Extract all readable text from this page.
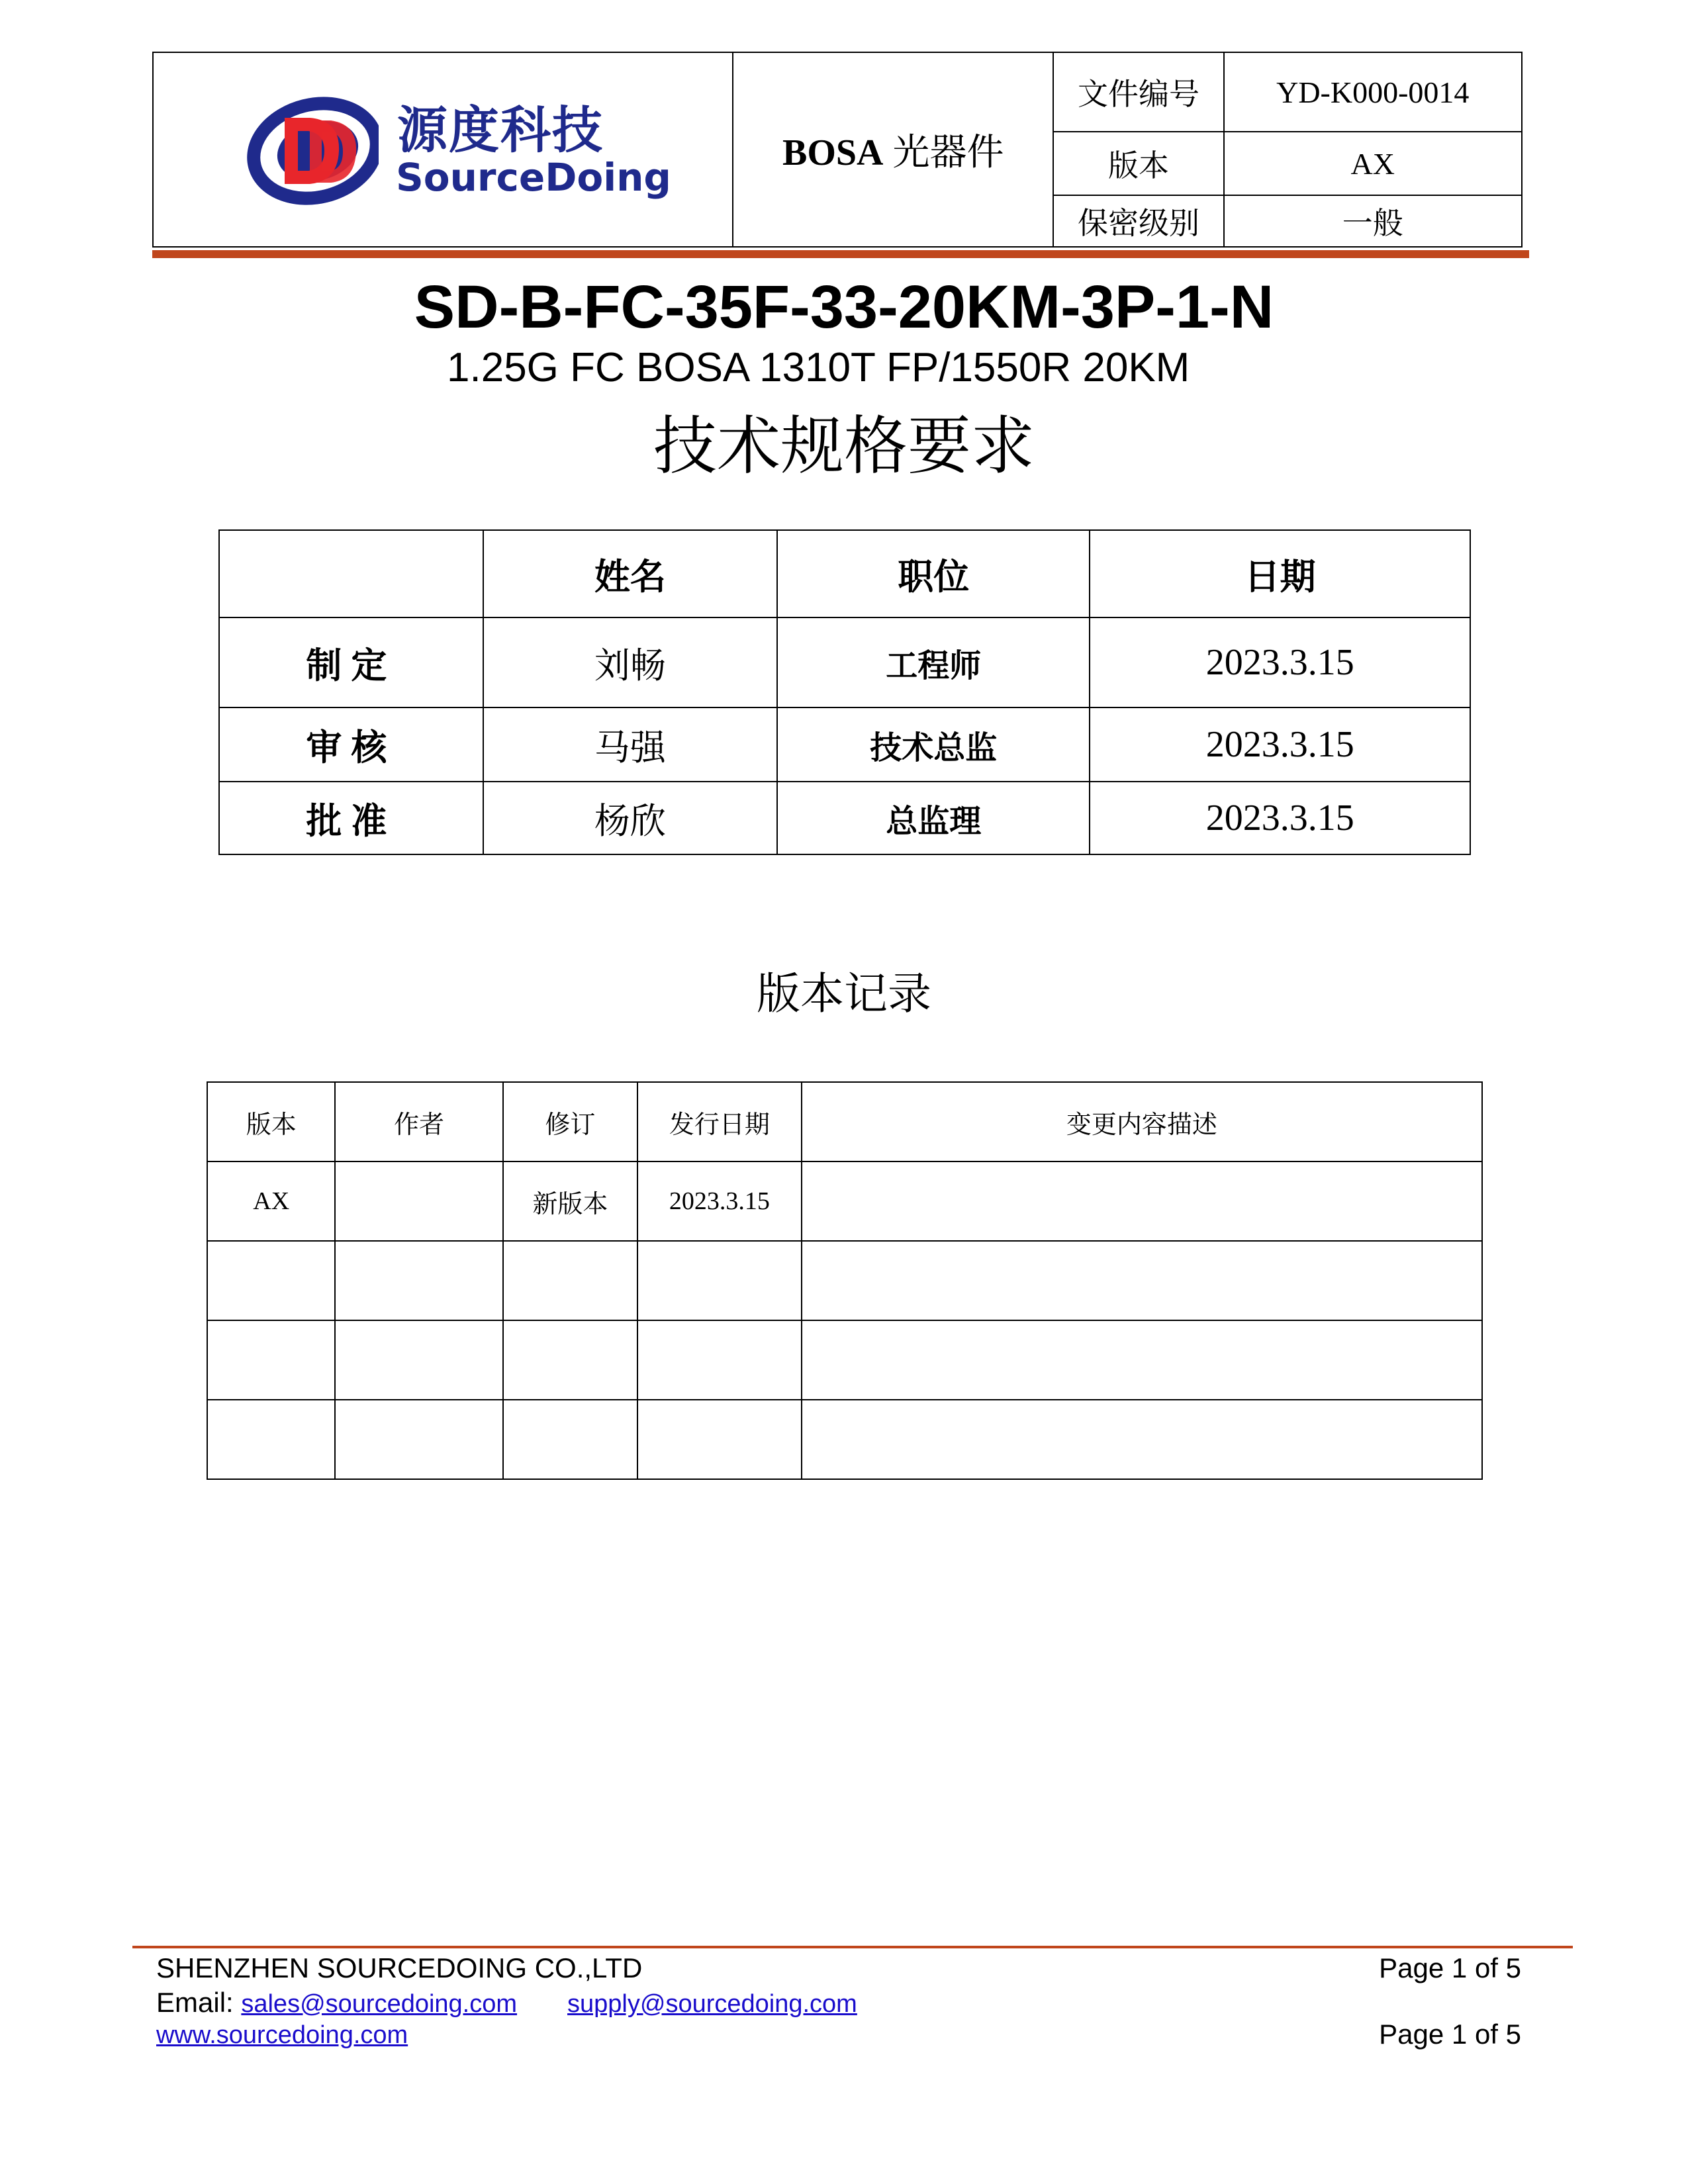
源度科技
SourceDoing	BOSA 光器件	文件编号	YD-K000-0014
		版本	AX
		保密级别	一般
SD-B-FC-35F-33-20KM-3P-1-N
1.25G FC BOSA 1310T FP/1550R 20KM
技术规格要求
	姓名	职位	日期
制定	刘畅	工程师	2023.3.15
审核	马强	技术总监	2023.3.15
批准	杨欣	总监理	2023.3.15
版本记录
版本	作者	修订	发行日期	变更内容描述
AX		新版本	2023.3.15	

SHENZHEN SOURCEDOING CO.,LTD	Page 1 of 5
Email: sales@sourcedoing.com supply@sourcedoing.com
www.sourcedoing.com	Page 1 of 5
